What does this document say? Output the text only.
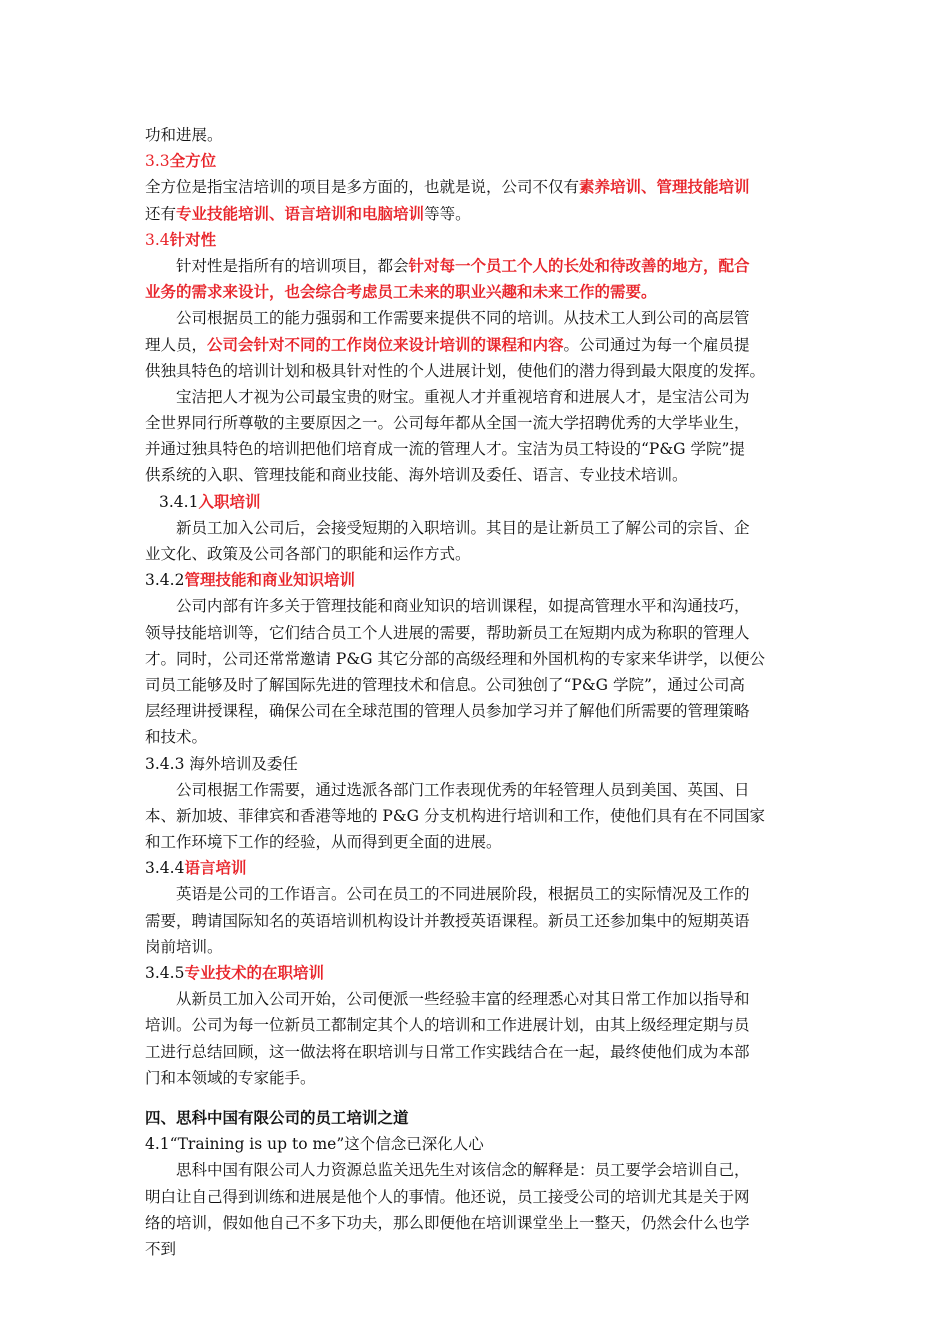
功和进展。
3.3全方位
全方位是指宝洁培训的项目是多方面的，也就是说，公司不仅有素养培训、管理技能培训
还有专业技能培训、语言培训和电脑培训等等。
3.4针对性
针对性是指所有的培训项目，都会针对每一个员工个人的长处和待改善的地方，配合
业务的需求来设计，也会综合考虑员工未来的职业兴趣和未来工作的需要。
公司根据员工的能力强弱和工作需要来提供不同的培训。从技术工人到公司的高层管
理人员，公司会针对不同的工作岗位来设计培训的课程和内容。公司通过为每一个雇员提
供独具特色的培训计划和极具针对性的个人进展计划，使他们的潜力得到最大限度的发挥。
宝洁把人才视为公司最宝贵的财宝。重视人才并重视培育和进展人才，是宝洁公司为
全世界同行所尊敬的主要原因之一。公司每年都从全国一流大学招聘优秀的大学毕业生，
并通过独具特色的培训把他们培育成一流的管理人才。宝洁为员工特设的“P&G 学院”提
供系统的入职、管理技能和商业技能、海外培训及委任、语言、专业技术培训。
3.4.1入职培训
新员工加入公司后，会接受短期的入职培训。其目的是让新员工了解公司的宗旨、企
业文化、政策及公司各部门的职能和运作方式。
3.4.2管理技能和商业知识培训
公司内部有许多关于管理技能和商业知识的培训课程，如提高管理水平和沟通技巧，
领导技能培训等，它们结合员工个人进展的需要，帮助新员工在短期内成为称职的管理人
才。同时，公司还常常邀请 P&G 其它分部的高级经理和外国机构的专家来华讲学，以便公
司员工能够及时了解国际先进的管理技术和信息。公司独创了“P&G 学院”，通过公司高
层经理讲授课程，确保公司在全球范围的管理人员参加学习并了解他们所需要的管理策略
和技术。
3.4.3 海外培训及委任
公司根据工作需要，通过选派各部门工作表现优秀的年轻管理人员到美国、英国、日
本、新加坡、菲律宾和香港等地的 P&G 分支机构进行培训和工作，使他们具有在不同国家
和工作环境下工作的经验，从而得到更全面的进展。
3.4.4语言培训
英语是公司的工作语言。公司在员工的不同进展阶段，根据员工的实际情况及工作的
需要，聘请国际知名的英语培训机构设计并教授英语课程。新员工还参加集中的短期英语
岗前培训。
3.4.5专业技术的在职培训
从新员工加入公司开始，公司便派一些经验丰富的经理悉心对其日常工作加以指导和
培训。公司为每一位新员工都制定其个人的培训和工作进展计划，由其上级经理定期与员
工进行总结回顾，这一做法将在职培训与日常工作实践结合在一起，最终使他们成为本部
门和本领域的专家能手。
四、思科中国有限公司的员工培训之道
4.1“Training is up to me”这个信念已深化人心
思科中国有限公司人力资源总监关迅先生对该信念的解释是：员工要学会培训自己，
明白让自己得到训练和进展是他个人的事情。他还说，员工接受公司的培训尤其是关于网
络的培训，假如他自己不多下功夫，那么即便他在培训课堂坐上一整天，仍然会什么也学
不到
